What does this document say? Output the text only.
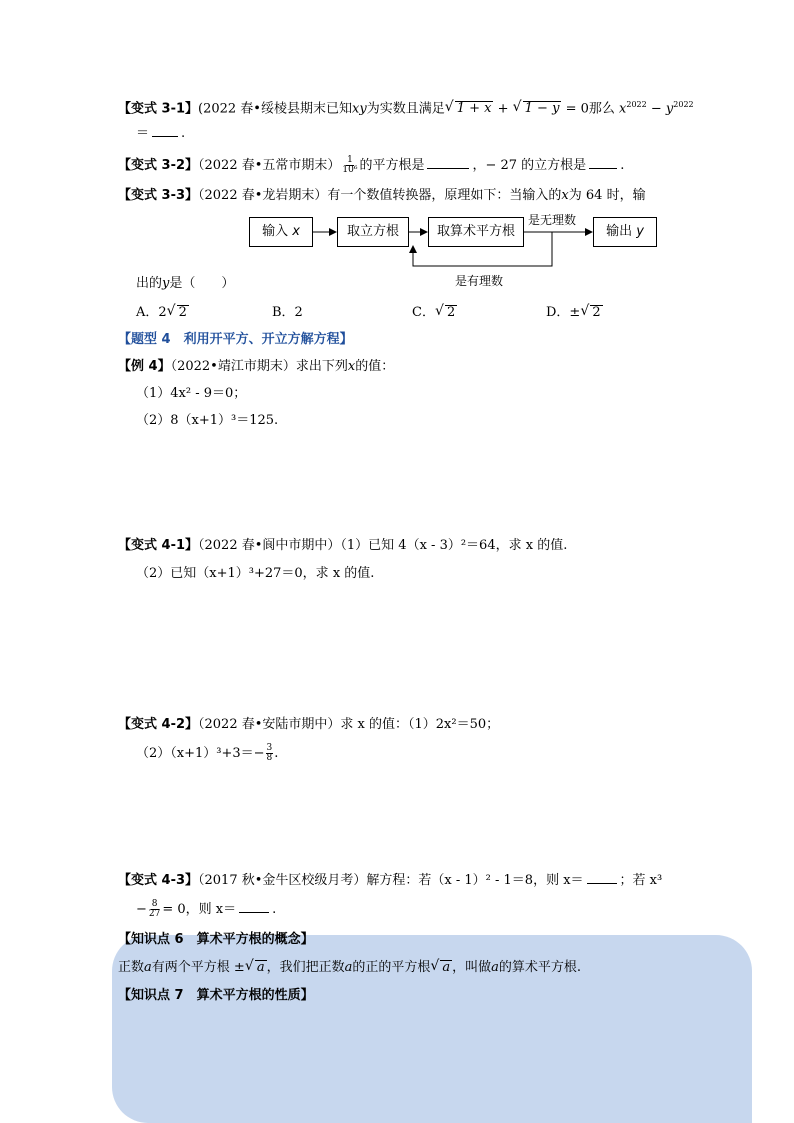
【变式 3-1】(2022 春•绥棱县期末已知xy为实数且满足 √ 1 + x + √ 1 − y = 0那么 $x^{2022} - y^{2022}$
＝ .
【变式 3-2】（2022 春•五常市期末） $\frac{1}{\text{10⁶}}$ 的平方根是	，− 27 的立方根是	.
【变式 3-3】（2022 春•龙岩期末）有一个数值转换器，原理如下：当输入的x为 64 时，输
输入 x	取立方根	取算术平方根	输出 y
是无理数
是有理数
出的y是（　　）
A．2 √ 2	B．2	C． √ 2	D．± √ 2
【题型 4　利用开平方、开立方解方程】
【例 4】（2022•靖江市期末）求出下列x的值：
（1）4x² - 9＝0；
（2）8（x+1）³＝125.
【变式 4-1】（2022 春•阆中市期中）（1）已知 4（x - 3）²＝64，求 x 的值.
（2）已知（x+1）³+27＝0，求 x 的值.
【变式 4-2】（2022 春•安陆市期中）求 x 的值：（1）2x²＝50；
$(2)(x+1)^3+3=- \frac{3}{8}$ .
【变式 4-3】（2017 秋•金牛区校级月考）解方程：若（x - 1）² - 1＝8，则 x＝	；若 x³
− $\frac{8}{27} = 0$，则 x＝	.
【知识点 6　算术平方根的概念】
正数a有两个平方根 ± √ a ，我们把正数a的正的平方根 √ a ，叫做a的算术平方根.
【知识点 7　算术平方根的性质】
